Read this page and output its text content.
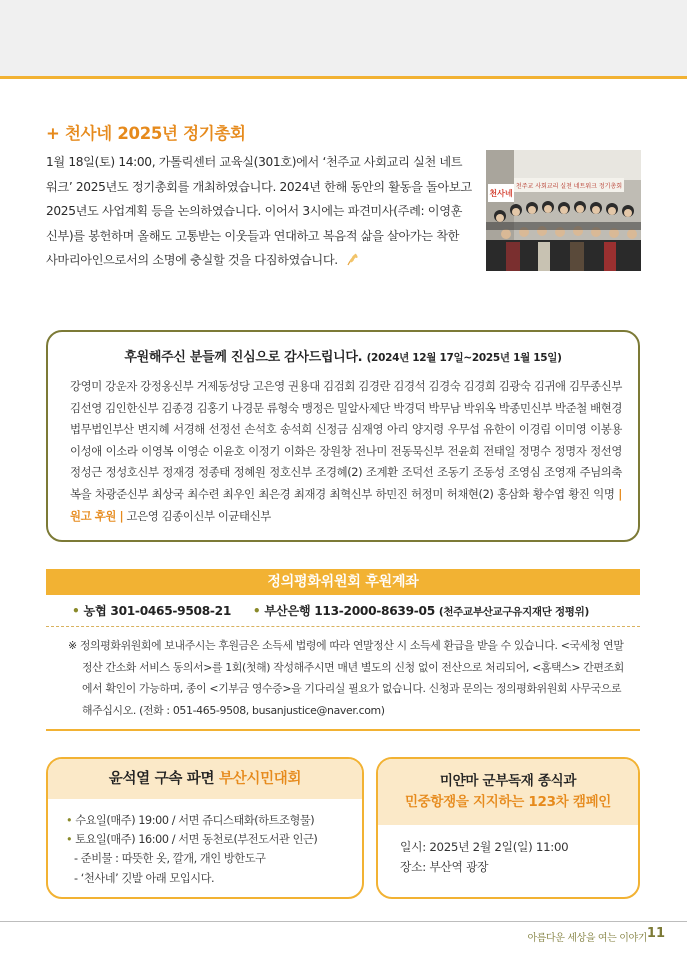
+ 천사네 2025년 정기총회
1월 18일(토) 14:00, 가톨릭센터 교육실(301호)에서 ‘천주교 사회교리 실천 네트워크’ 2025년도 정기총회를 개최하였습니다. 2024년 한해 동안의 활동을 돌아보고 2025년도 사업계획 등을 논의하였습니다. 이어서 3시에는 파견미사(주례: 이영훈 신부)를 봉헌하며 올해도 고통받는 이웃들과 연대하고 복음적 삶을 살아가는 착한 사마리아인으로서의 소명에 충실할 것을 다짐하였습니다.
천주교 사회교리 실천 네트워크 정기총회
천사네
후원해주신 분들께 진심으로 감사드립니다. (2024년 12월 17일~2025년 1월 15일)
강영미 강운자 강정옹신부 거제동성당 고은영 권용대 김검회 김경란 김경석 김경숙 김경희 김광숙 김귀애 김무종신부 김선영 김인한신부 김종경 김홍기 나경문 류형숙 맹정은 밀알사제단 박경덕 박무남 박위옥 박종민신부 박준철 배현경 법무법인부산 변지혜 서경해 선정선 손석호 송석희 신정금 심재영 아리 양지령 우무섭 유한이 이경림 이미영 이봉용 이성애 이소라 이영복 이영순 이윤호 이정기 이화은 장원창 전나미 전동묵신부 전윤희 전태일 정명수 정명자 정선영 정성근 정성호신부 정재경 정종태 정혜원 정호신부 조경혜(2) 조계환 조덕선 조동기 조동성 조영심 조영재 주님의축복을 차광준신부 최상국 최수련 최우인 최은경 최재경 최혁신부 하민진 허정미 허채현(2) 홍삼화 황수엽 황진 익명 | 원고 후원 | 고은영 김종이신부 이균태신부
정의평화위원회 후원계좌
• 농협 301-0465-9508-21 • 부산은행 113-2000-8639-05 (천주교부산교구유지재단 정평위)

※ 정의평화위원회에 보내주시는 후원금은 소득세 법령에 따라 연말정산 시 소득세 환급을 받을 수 있습니다. <국세청 연말정산 간소화 서비스 동의서>를 1회(첫해) 작성해주시면 매년 별도의 신청 없이 전산으로 처리되어, <홈택스> 간편조회에서 확인이 가능하며, 종이 <기부금 영수증>을 기다리실 필요가 없습니다. 신청과 문의는 정의평화위원회 사무국으로 해주십시오. (전화 : 051-465-9508, busanjustice@naver.com)

윤석열 구속 파면 부산시민대회
• 수요일(매주) 19:00 / 서면 쥬디스태화(하트조형물)
• 토요일(매주) 16:00 / 서면 동천로(부전도서관 인근)
- 준비물 : 따뜻한 옷, 깔개, 개인 방한도구
- ‘천사네’ 깃발 아래 모입시다.
미얀마 군부독재 종식과
민중항쟁을 지지하는 123차 캠페인
일시: 2025년 2월 2일(일) 11:00
장소: 부산역 광장
아름다운 세상을 여는 이야기 11
